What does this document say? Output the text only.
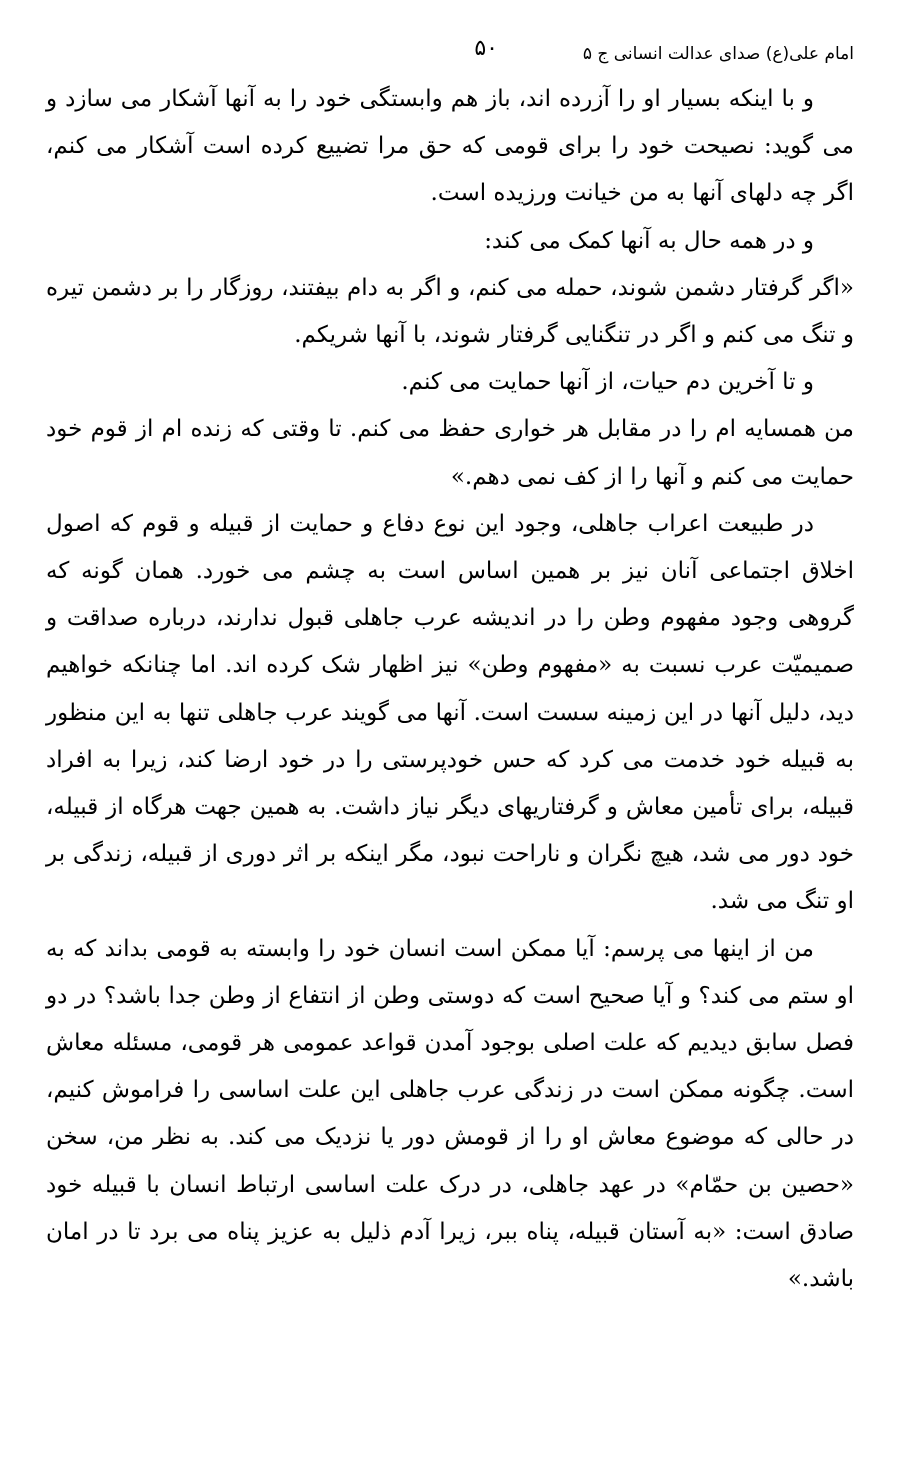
امام علی(ع) صدای عدالت انسانی ج ۵
۵۰

و با اینکه بسیار او را آزرده اند، باز هم وابستگی خود را به آنها آشکار می سازد و می گوید: نصیحت خود را برای قومی که حق مرا تضییع کرده است آشکار می کنم، اگر چه دلهای آنها به من خیانت ورزیده است.

و در همه حال به آنها کمک می کند:

«اگر گرفتار دشمن شوند، حمله می کنم، و اگر به دام بیفتند، روزگار را بر دشمن تیره و تنگ می کنم و اگر در تنگنایی گرفتار شوند، با آنها شریکم.

و تا آخرین دم حیات، از آنها حمایت می کنم.

من همسایه ام را در مقابل هر خواری حفظ می کنم. تا وقتی که زنده ام از قوم خود حمایت می کنم و آنها را از کف نمی دهم.»

در طبیعت اعراب جاهلی، وجود این نوع دفاع و حمایت از قبیله و قوم که اصول اخلاق اجتماعی آنان نیز بر همین اساس است به چشم می خورد. همان گونه که گروهی وجود مفهوم وطن را در اندیشه عرب جاهلی قبول ندارند، درباره صداقت و صمیمیّت عرب نسبت به «مفهوم وطن» نیز اظهار شک کرده اند. اما چنانکه خواهیم دید، دلیل آنها در این زمینه سست است. آنها می گویند عرب جاهلی تنها به این منظور به قبیله خود خدمت می کرد که حس خودپرستی را در خود ارضا کند، زیرا به افراد قبیله، برای تأمین معاش و گرفتاریهای دیگر نیاز داشت. به همین جهت هرگاه از قبیله، خود دور می شد، هیچ نگران و ناراحت نبود، مگر اینکه بر اثر دوری از قبیله، زندگی بر او تنگ می شد.

من از اینها می پرسم: آیا ممکن است انسان خود را وابسته به قومی بداند که به او ستم می کند؟ و آیا صحیح است که دوستی وطن از انتفاع از وطن جدا باشد؟ در دو فصل سابق دیدیم که علت اصلی بوجود آمدن قواعد عمومی هر قومی، مسئله معاش است. چگونه ممکن است در زندگی عرب جاهلی این علت اساسی را فراموش کنیم، در حالی که موضوع معاش او را از قومش دور یا نزدیک می کند. به نظر من، سخن «حصین بن حمّام» در عهد جاهلی، در درک علت اساسی ارتباط انسان با قبیله خود صادق است: «به آستان قبیله، پناه ببر، زیرا آدم ذلیل به عزیز پناه می برد تا در امان باشد.»
